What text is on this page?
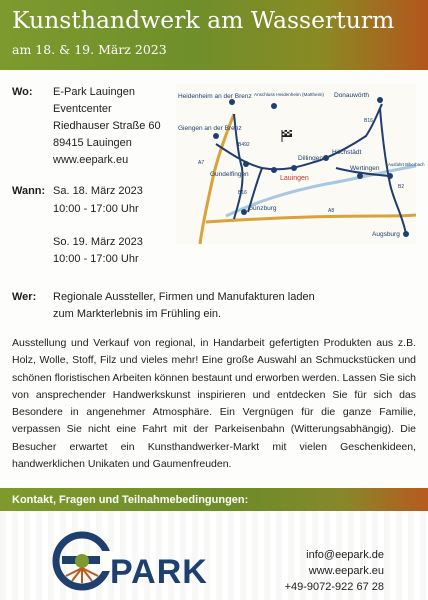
Kunsthandwerk am Wasserturm
am 18. & 19. März 2023
Wo: E-Park Lauingen
Eventcenter
Riedhauser Straße 60
89415 Lauingen
www.eepark.eu
Wann: Sa. 18. März 2023
10:00 - 17:00 Uhr
So. 19. März 2023
10:00 - 17:00 Uhr
Wer: Regionale Aussteller, Firmen und Manufakturen laden zum Markterlebnis im Frühling ein.
Heidenheim an der Brenz Anschluss Heidenheim (Mattheim) Donauwörth
Giengen an der Brenz
Höchstädt
Dillingen
Lauingen
Gundelfingen
Wertingen
Ausfahrt Biberbach
Günzburg
Augsburg
A7
A8
B16
B16
B492
B2
Ausstellung und Verkauf von regional, in Handarbeit gefertigten Produkten aus z.B. Holz, Wolle, Stoff, Filz und vieles mehr! Eine große Auswahl an Schmuckstücken und schönen floristischen Arbeiten können bestaunt und erworben werden. Lassen Sie sich von ansprechender Handwerkskunst inspirieren und entdecken Sie für sich das Besondere in angenehmer Atmosphäre. Ein Vergnügen für die ganze Familie, verpassen Sie nicht eine Fahrt mit der Parkeisenbahn (Witterungsabhängig). Die Besucher erwartet ein Kunsthandwerker-Markt mit vielen Geschenkideen, handwerklichen Unikaten und Gaumenfreuden.
Kontakt, Fragen und Teilnahmebedingungen:
PARK	info@eepark.de
www.eepark.eu
+49-9072-922 67 28
